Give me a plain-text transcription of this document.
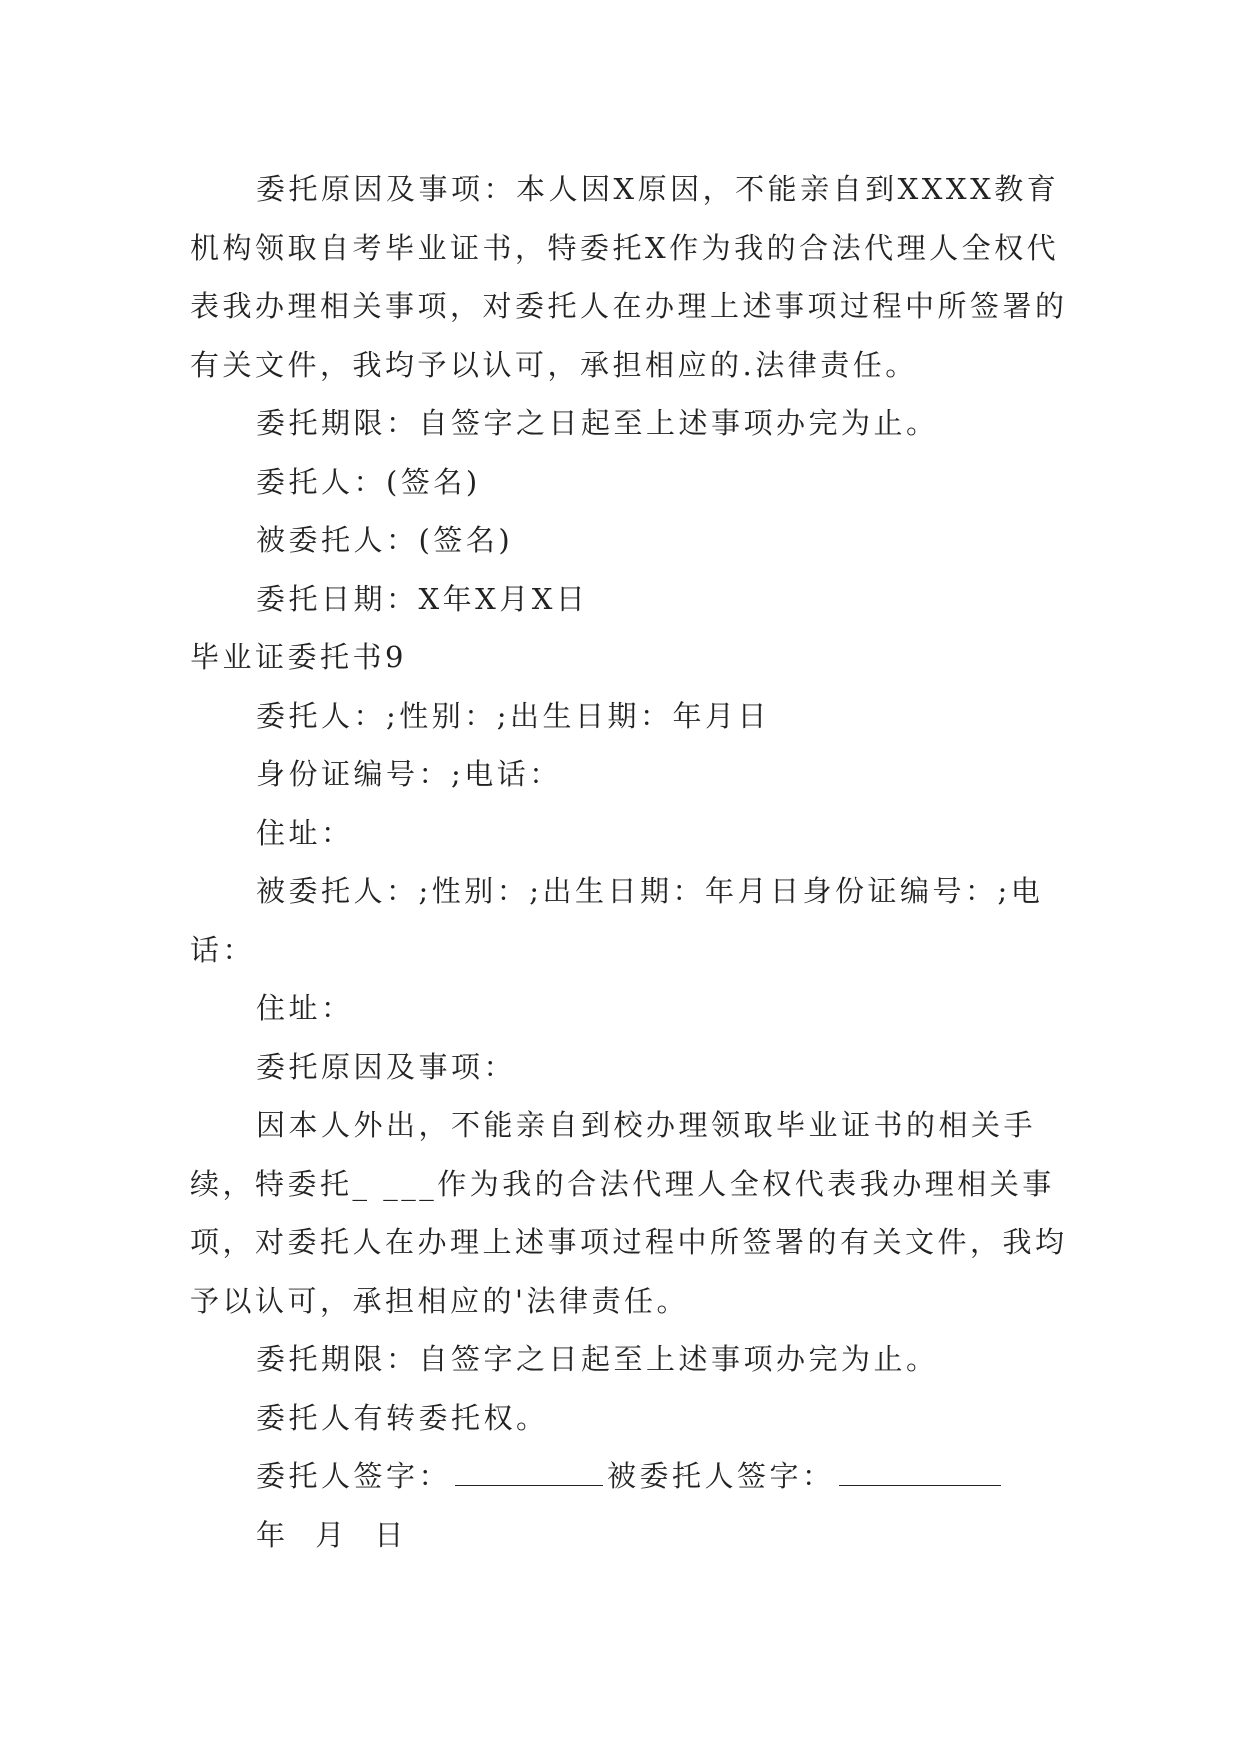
委托原因及事项：本人因X原因，不能亲自到XXXX教育机构领取自考毕业证书，特委托X作为我的合法代理人全权代表我办理相关事项，对委托人在办理上述事项过程中所签署的有关文件，我均予以认可，承担相应的.法律责任。

委托期限：自签字之日起至上述事项办完为止。

委托人：(签名)

被委托人：(签名)

委托日期：X年X月X日

毕业证委托书9

委托人：;性别：;出生日期：年月日

身份证编号：;电话：

住址：

被委托人：;性别：;出生日期：年月日身份证编号：;电话：

住址：

委托原因及事项：

因本人外出，不能亲自到校办理领取毕业证书的相关手续，特委托_ ___作为我的合法代理人全权代表我办理相关事项，对委托人在办理上述事项过程中所签署的有关文件，我均予以认可，承担相应的'法律责任。

委托期限：自签字之日起至上述事项办完为止。

委托人有转委托权。

委托人签字：	被委托人签字：

年 月 日
